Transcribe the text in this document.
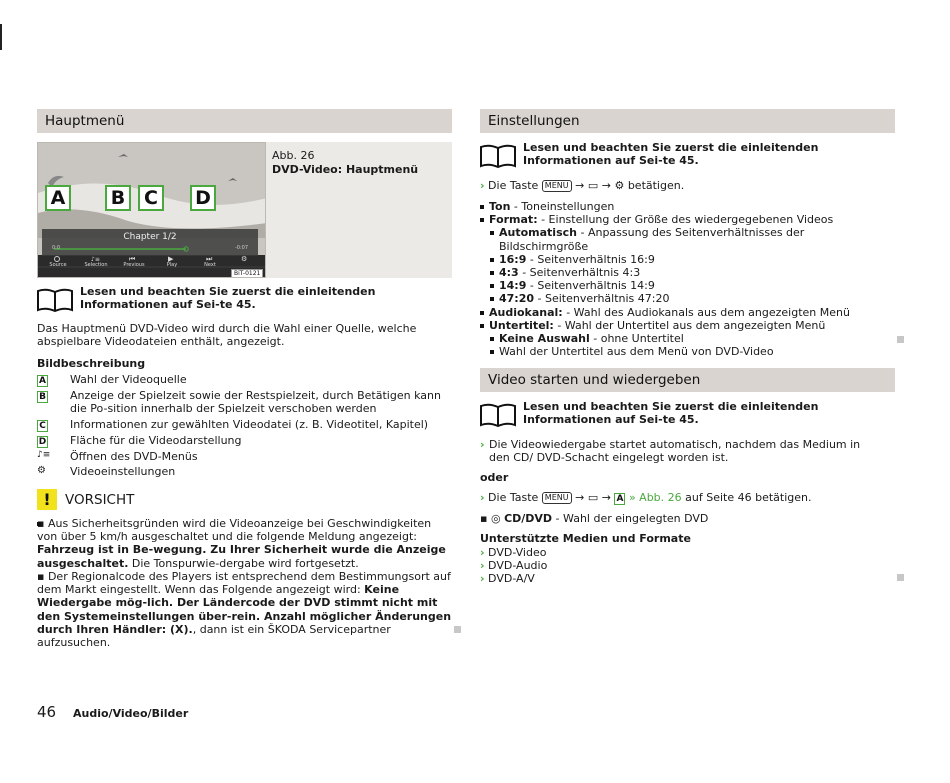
Hauptmenü
A	B C	D
Chapter 1/2
0:0	-0:07
♪≡	⏮	▶	⏭	⚙
Source	Selection	Previous	Play	Next
BiT-0121
Abb. 26
DVD-Video: Hauptmenü
Lesen und beachten Sie zuerst die einleitenden Informationen auf Sei-te 45.
Das Hauptmenü DVD-Video wird durch die Wahl einer Quelle, welche abspielbare Videodateien enthält, angezeigt.
Bildbeschreibung
A Wahl der Videoquelle
B Anzeige der Spielzeit sowie der Restspielzeit, durch Betätigen kann die Po-sition innerhalb der Spielzeit verschoben werden
C Informationen zur gewählten Videodatei (z. B. Videotitel, Kapitel)
D Fläche für die Videodarstellung
♪≡ Öffnen des DVD-Menüs
⚙ Videoeinstellungen
!	VORSICHT
▪ Aus Sicherheitsgründen wird die Videoanzeige bei Geschwindigkeiten von über 5 km/h ausgeschaltet und die folgende Meldung angezeigt: Fahrzeug ist in Be-wegung. Zu Ihrer Sicherheit wurde die Anzeige ausgeschaltet. Die Tonspurwie-dergabe wird fortgesetzt.
▪ Der Regionalcode des Players ist entsprechend dem Bestimmungsort auf dem Markt eingestellt. Wenn das Folgende angezeigt wird: Keine Wiedergabe mög-lich. Der Ländercode der DVD stimmt nicht mit den Systemeinstellungen über-rein. Anzahl möglicher Änderungen durch Ihren Händler: (X)., dann ist ein ŠKODA Servicepartner aufzusuchen.
Einstellungen
Lesen und beachten Sie zuerst die einleitenden Informationen auf Sei-te 45.
› Die Taste MENU → ▭ → ⚙ betätigen.
Ton - Toneinstellungen
Format: - Einstellung der Größe des wiedergegebenen Videos
Automatisch - Anpassung des Seitenverhältnisses der Bildschirmgröße
16:9 - Seitenverhältnis 16:9
4:3 - Seitenverhältnis 4:3
14:9 - Seitenverhältnis 14:9
47:20 - Seitenverhältnis 47:20
Audiokanal: - Wahl des Audiokanals aus dem angezeigten Menü
Untertitel: - Wahl der Untertitel aus dem angezeigten Menü
Keine Auswahl - ohne Untertitel
Wahl der Untertitel aus dem Menü von DVD-Video
Video starten und wiedergeben
Lesen und beachten Sie zuerst die einleitenden Informationen auf Sei-te 45.
› Die Videowiedergabe startet automatisch, nachdem das Medium in den CD/ DVD-Schacht eingelegt worden ist.
oder
› Die Taste MENU → ▭ → A » Abb. 26 auf Seite 46 betätigen.
▪ ◎ CD/DVD - Wahl der eingelegten DVD
Unterstützte Medien und Formate
› DVD-Video
› DVD-Audio
› DVD-A/V
46 Audio/Video/Bilder
